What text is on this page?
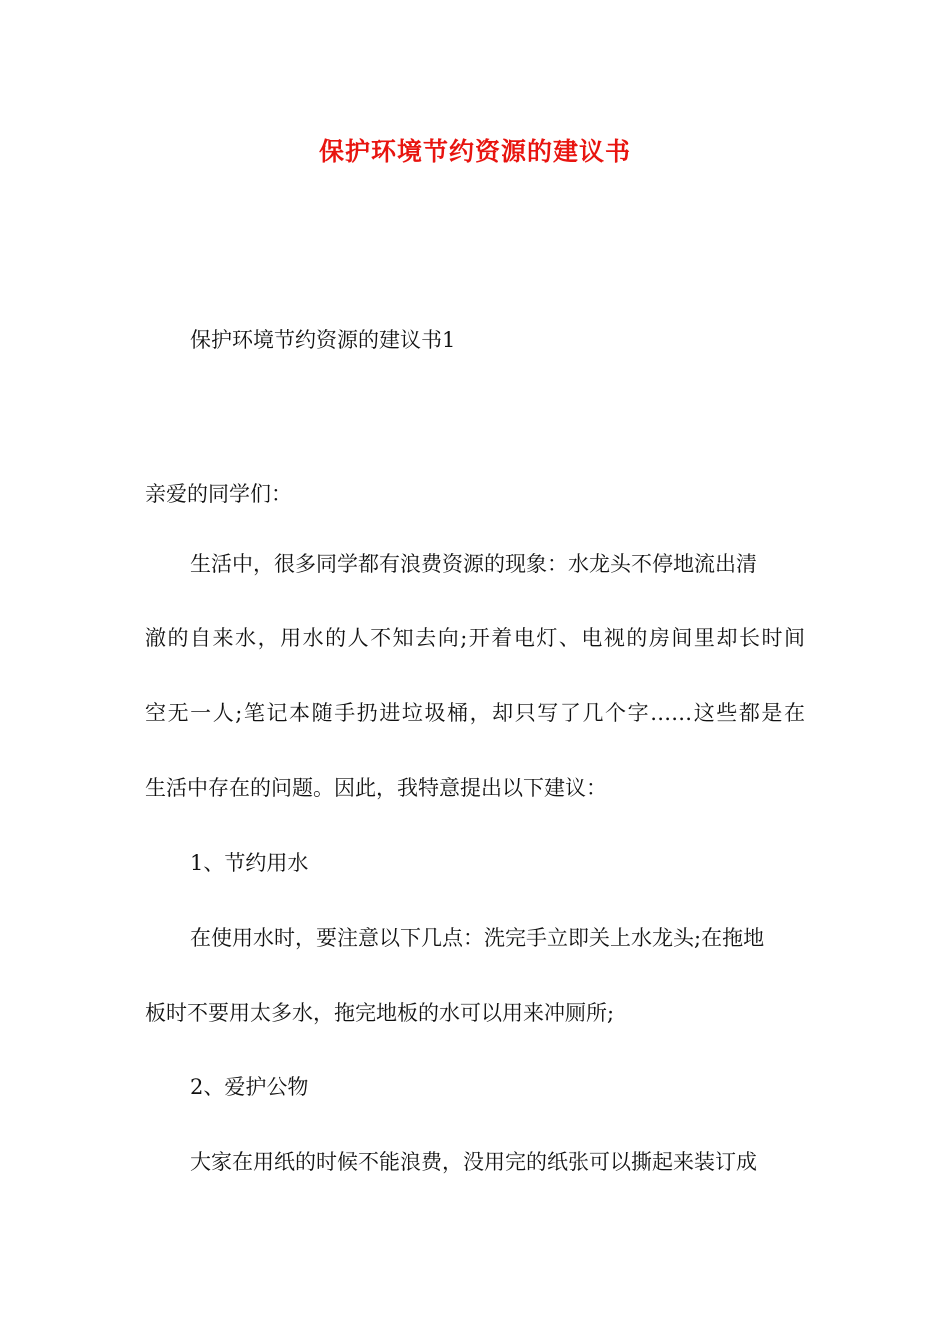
保护环境节约资源的建议书
保护环境节约资源的建议书1
亲爱的同学们：
生活中，很多同学都有浪费资源的现象：水龙头不停地流出清
澈的自来水，用水的人不知去向;开着电灯、电视的房间里却长时间
空无一人;笔记本随手扔进垃圾桶，却只写了几个字……这些都是在
生活中存在的问题。因此，我特意提出以下建议：
1、节约用水
在使用水时，要注意以下几点：洗完手立即关上水龙头;在拖地
板时不要用太多水，拖完地板的水可以用来冲厕所;
2、爱护公物
大家在用纸的时候不能浪费，没用完的纸张可以撕起来装订成
